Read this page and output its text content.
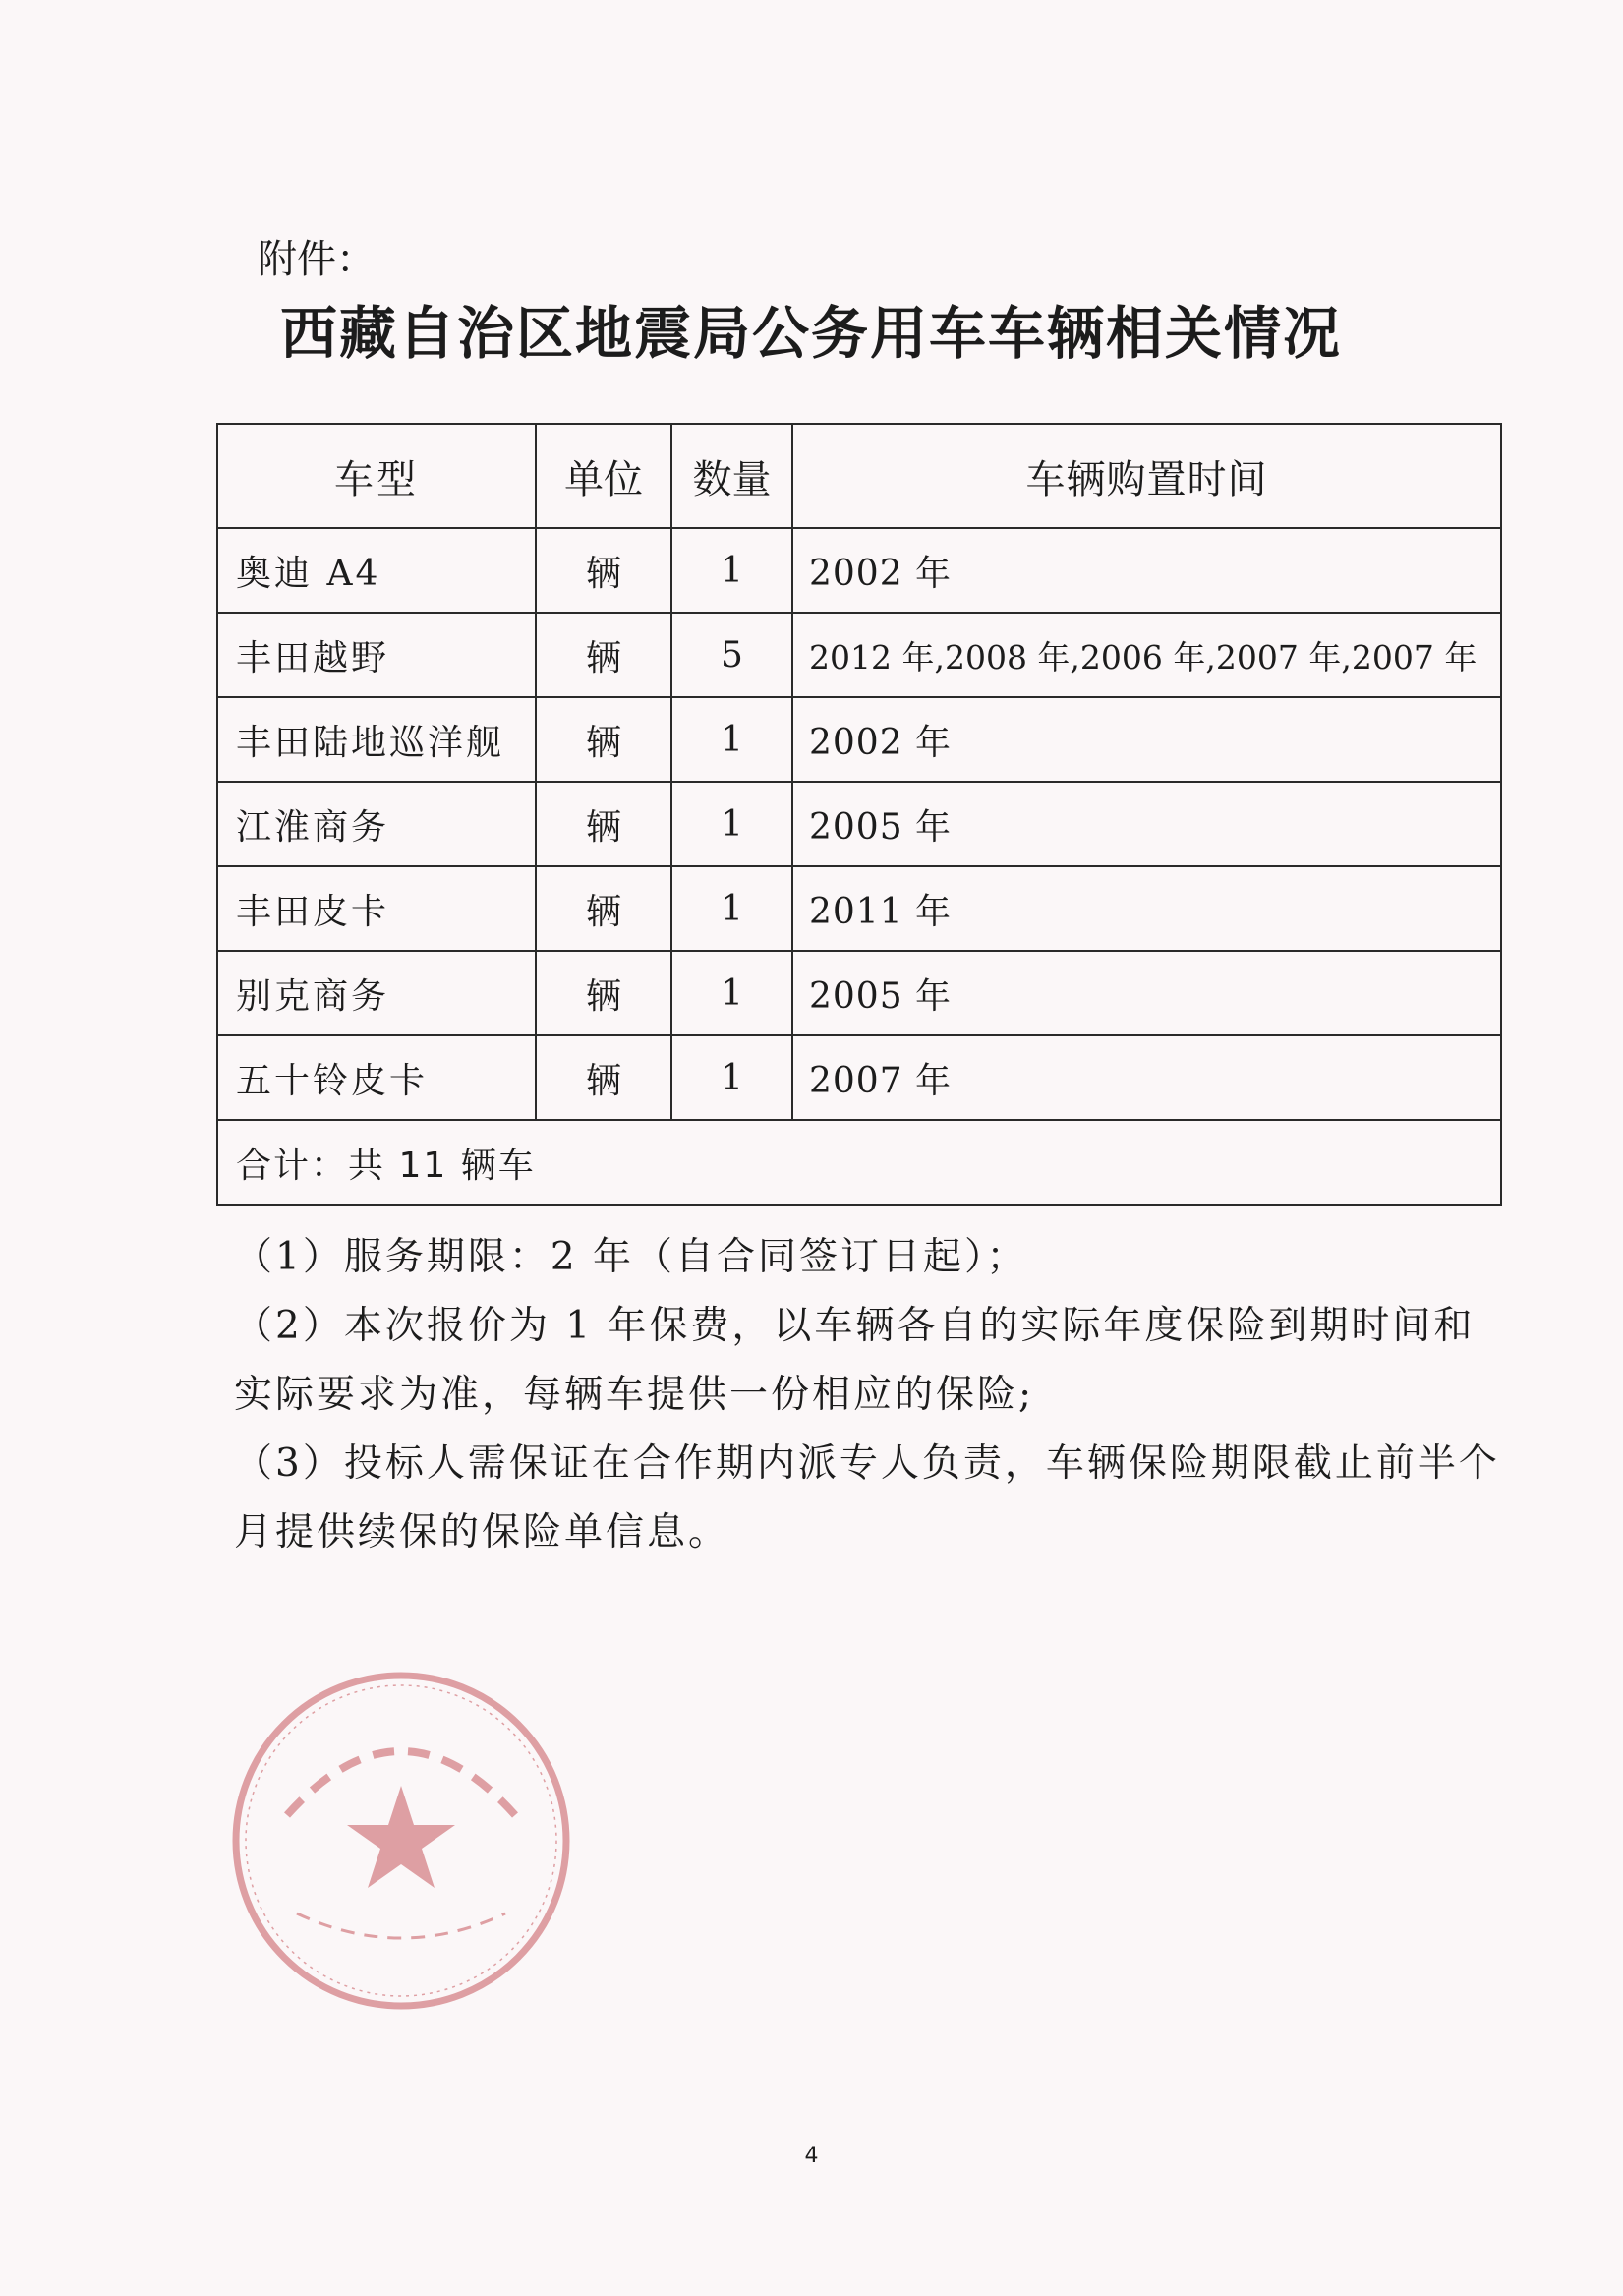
附件：
西藏自治区地震局公务用车车辆相关情况
车型	单位	数量	车辆购置时间
奥迪 A4	辆	1	2002 年
丰田越野	辆	5	2012 年,2008 年,2006 年,2007 年,2007 年
丰田陆地巡洋舰	辆	1	2002 年
江淮商务	辆	1	2005 年
丰田皮卡	辆	1	2011 年
别克商务	辆	1	2005 年
五十铃皮卡	辆	1	2007 年
合计：共 11 辆车			

（1）服务期限：2 年（自合同签订日起）；

（2）本次报价为 1 年保费，以车辆各自的实际年度保险到期时间和实际要求为准，每辆车提供一份相应的保险;

（3）投标人需保证在合作期内派专人负责，车辆保险期限截止前半个月提供续保的保险单信息。

4
